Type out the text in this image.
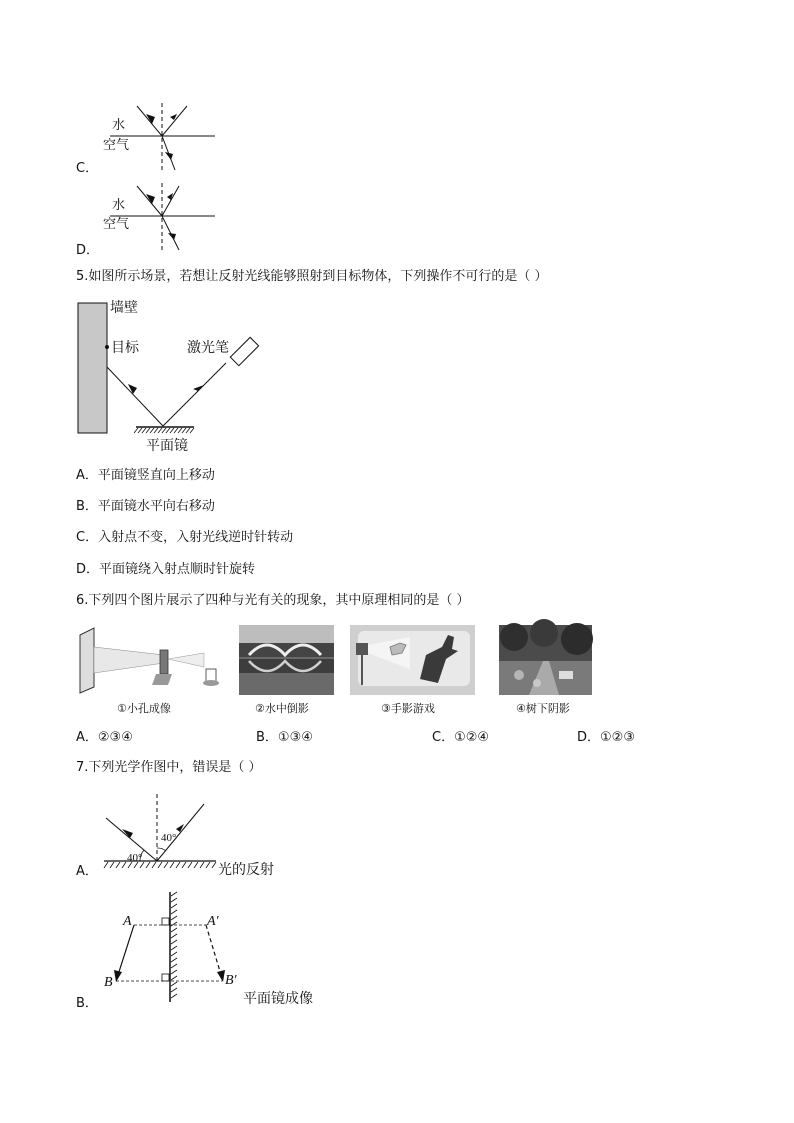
水
空气
C．
水
空气
D．
5.如图所示场景，若想让反射光线能够照射到目标物体，下列操作不可行的是（ ）
墙壁
目标	激光笔
平面镜
A．平面镜竖直向上移动
B．平面镜水平向右移动
C．入射点不变，入射光线逆时针转动
D．平面镜绕入射点顺时针旋转
6.下列四个图片展示了四种与光有关的现象，其中原理相同的是（ ）
①小孔成像	②水中倒影	③手影游戏	④树下阴影
A．②③④	B．①③④	C．①②④	D．①②③
7.下列光学作图中，错误是（ ）
40°
40°
光的反射
A．
A	A′
B	B′
平面镜成像
B．
